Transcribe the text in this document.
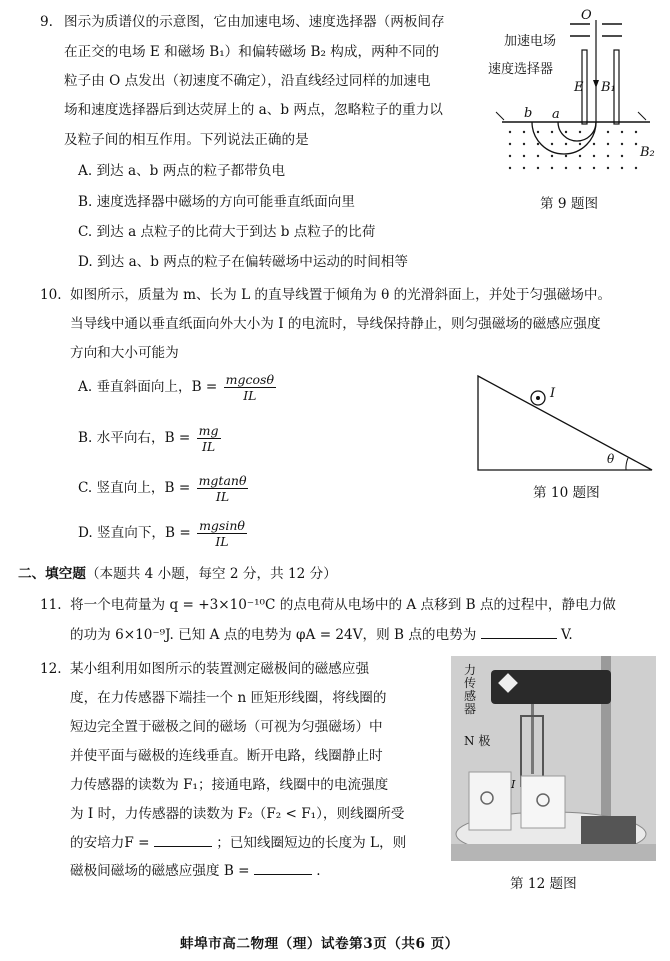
9. 图示为质谱仪的示意图，它由加速电场、速度选择器（两板间存
在正交的电场 E 和磁场 B₁）和偏转磁场 B₂ 构成，两种不同的
粒子由 O 点发出（初速度不确定），沿直线经过同样的加速电
场和速度选择器后到达荧屏上的 a、b 两点，忽略粒子的重力以
及粒子间的相互作用。下列说法正确的是
A. 到达 a、b 两点的粒子都带负电
B. 速度选择器中磁场的方向可能垂直纸面向里
C. 到达 a 点粒子的比荷大于到达 b 点粒子的比荷
D. 到达 a、b 两点的粒子在偏转磁场中运动的时间相等
O
加速电场
速度选择器
E B₁
b a
B₂
第 9 题图
10. 如图所示，质量为 m、长为 L 的直导线置于倾角为 θ 的光滑斜面上，并处于匀强磁场中。
当导线中通以垂直纸面向外大小为 I 的电流时，导线保持静止，则匀强磁场的磁感应强度
方向和大小可能为
A. 垂直斜面向上，$B = \frac{mgcos\theta}{IL}$
B. 水平向右，$B = \frac{mg}{IL}$
C. 竖直向上，$B = \frac{mgtan\theta}{IL}$
D. 竖直向下，$B = \frac{mgsin\theta}{IL}$
I
θ
第 10 题图
二、填空题（本题共 4 小题，每空 2 分，共 12 分）
11. 将一个电荷量为 q = +3×10⁻¹⁰C 的点电荷从电场中的 A 点移到 B 点的过程中，静电力做
的功为 6×10⁻⁹J. 已知 A 点的电势为 φA = 24V，则 B 点的电势为	V.
12. 某小组利用如图所示的装置测定磁极间的磁感应强
度，在力传感器下端挂一个 n 匝矩形线圈，将线圈的
短边完全置于磁极之间的磁场（可视为匀强磁场）中
并使平面与磁极的连线垂直。断开电路，线圈静止时
力传感器的读数为 F₁；接通电路，线圈中的电流强度
为 I 时，力传感器的读数为 F₂（F₂ < F₁），则线圈所受
的安培力F =	；已知线圈短边的长度为 L，则
磁极间磁场的磁感应强度 B =	.
力传感器
N 极
I
第 12 题图
蚌埠市高二物理（理）试卷第3页（共6 页）
